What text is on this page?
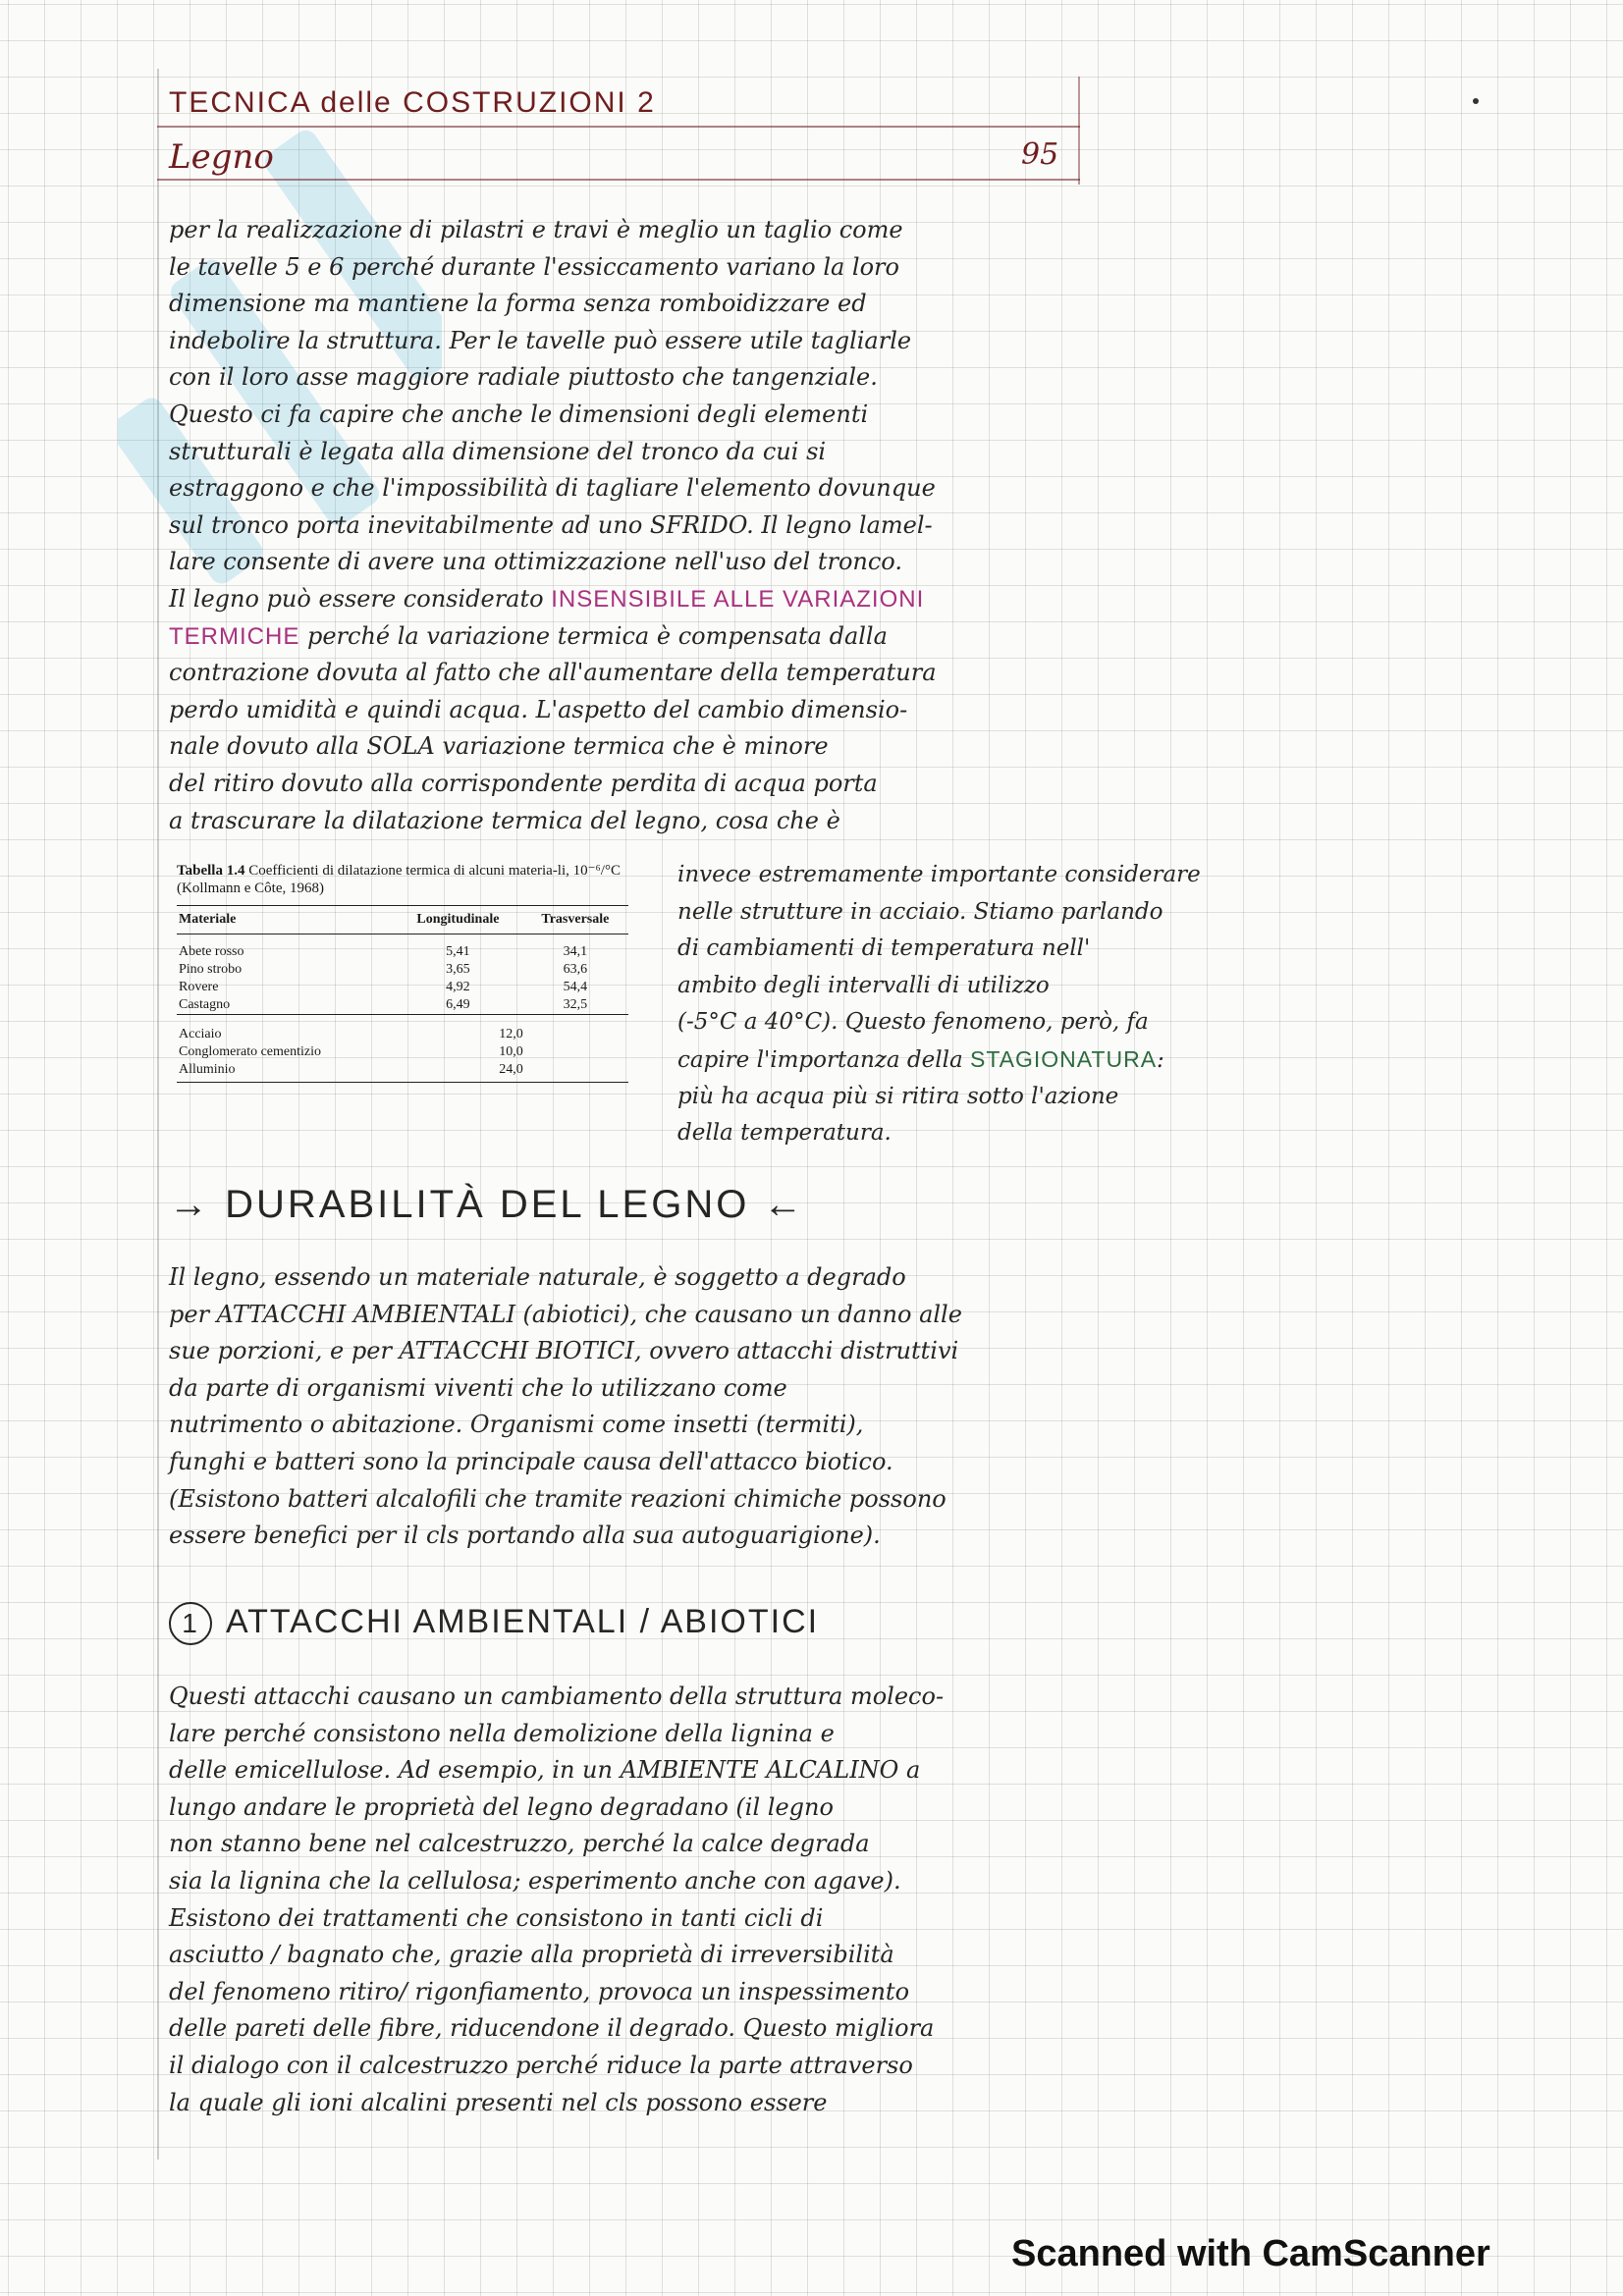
TECNICA delle COSTRUZIONI 2
Legno	95
per la realizzazione di pilastri e travi è meglio un taglio come
le tavelle 5 e 6 perché durante l'essiccamento variano la loro
dimensione ma mantiene la forma senza romboidizzare ed
indebolire la struttura. Per le tavelle può essere utile tagliarle
con il loro asse maggiore radiale piuttosto che tangenziale.
Questo ci fa capire che anche le dimensioni degli elementi
strutturali è legata alla dimensione del tronco da cui si
estraggono e che l'impossibilità di tagliare l'elemento dovunque
sul tronco porta inevitabilmente ad uno SFRIDO. Il legno lamel-
lare consente di avere una ottimizzazione nell'uso del tronco.
Il legno può essere considerato INSENSIBILE ALLE VARIAZIONI
TERMICHE perché la variazione termica è compensata dalla
contrazione dovuta al fatto che all'aumentare della temperatura
perdo umidità e quindi acqua. L'aspetto del cambio dimensio-
nale dovuto alla SOLA variazione termica che è minore
del ritiro dovuto alla corrispondente perdita di acqua porta
a trascurare la dilatazione termica del legno, cosa che è
Tabella 1.4 Coefficienti di dilatazione termica di alcuni materia-li, 10⁻⁶/°C (Kollmann e Côte, 1968)
Materiale	Longitudinale	Trasversale
Abete rosso	5,41	34,1
Pino strobo	3,65	63,6
Rovere	4,92	54,4
Castagno	6,49	32,5
Acciaio	12,0	
Conglomerato cementizio	10,0	
Alluminio	24,0	
invece estremamente importante considerare
nelle strutture in acciaio. Stiamo parlando
di cambiamenti di temperatura nell'
ambito degli intervalli di utilizzo
(-5°C a 40°C). Questo fenomeno, però, fa
capire l'importanza della STAGIONATURA:
più ha acqua più si ritira sotto l'azione
della temperatura.
→ DURABILITÀ DEL LEGNO ←
Il legno, essendo un materiale naturale, è soggetto a degrado
per ATTACCHI AMBIENTALI (abiotici), che causano un danno alle
sue porzioni, e per ATTACCHI BIOTICI, ovvero attacchi distruttivi
da parte di organismi viventi che lo utilizzano come
nutrimento o abitazione. Organismi come insetti (termiti),
funghi e batteri sono la principale causa dell'attacco biotico.
(Esistono batteri alcalofili che tramite reazioni chimiche possono
essere benefici per il cls portando alla sua autoguarigione).
1 ATTACCHI AMBIENTALI / ABIOTICI
Questi attacchi causano un cambiamento della struttura moleco-
lare perché consistono nella demolizione della lignina e
delle emicellulose. Ad esempio, in un AMBIENTE ALCALINO a
lungo andare le proprietà del legno degradano (il legno
non stanno bene nel calcestruzzo, perché la calce degrada
sia la lignina che la cellulosa; esperimento anche con agave).
Esistono dei trattamenti che consistono in tanti cicli di
asciutto / bagnato che, grazie alla proprietà di irreversibilità
del fenomeno ritiro/ rigonfiamento, provoca un inspessimento
delle pareti delle fibre, riducendone il degrado. Questo migliora
il dialogo con il calcestruzzo perché riduce la parte attraverso
la quale gli ioni alcalini presenti nel cls possono essere
Scanned with CamScanner
